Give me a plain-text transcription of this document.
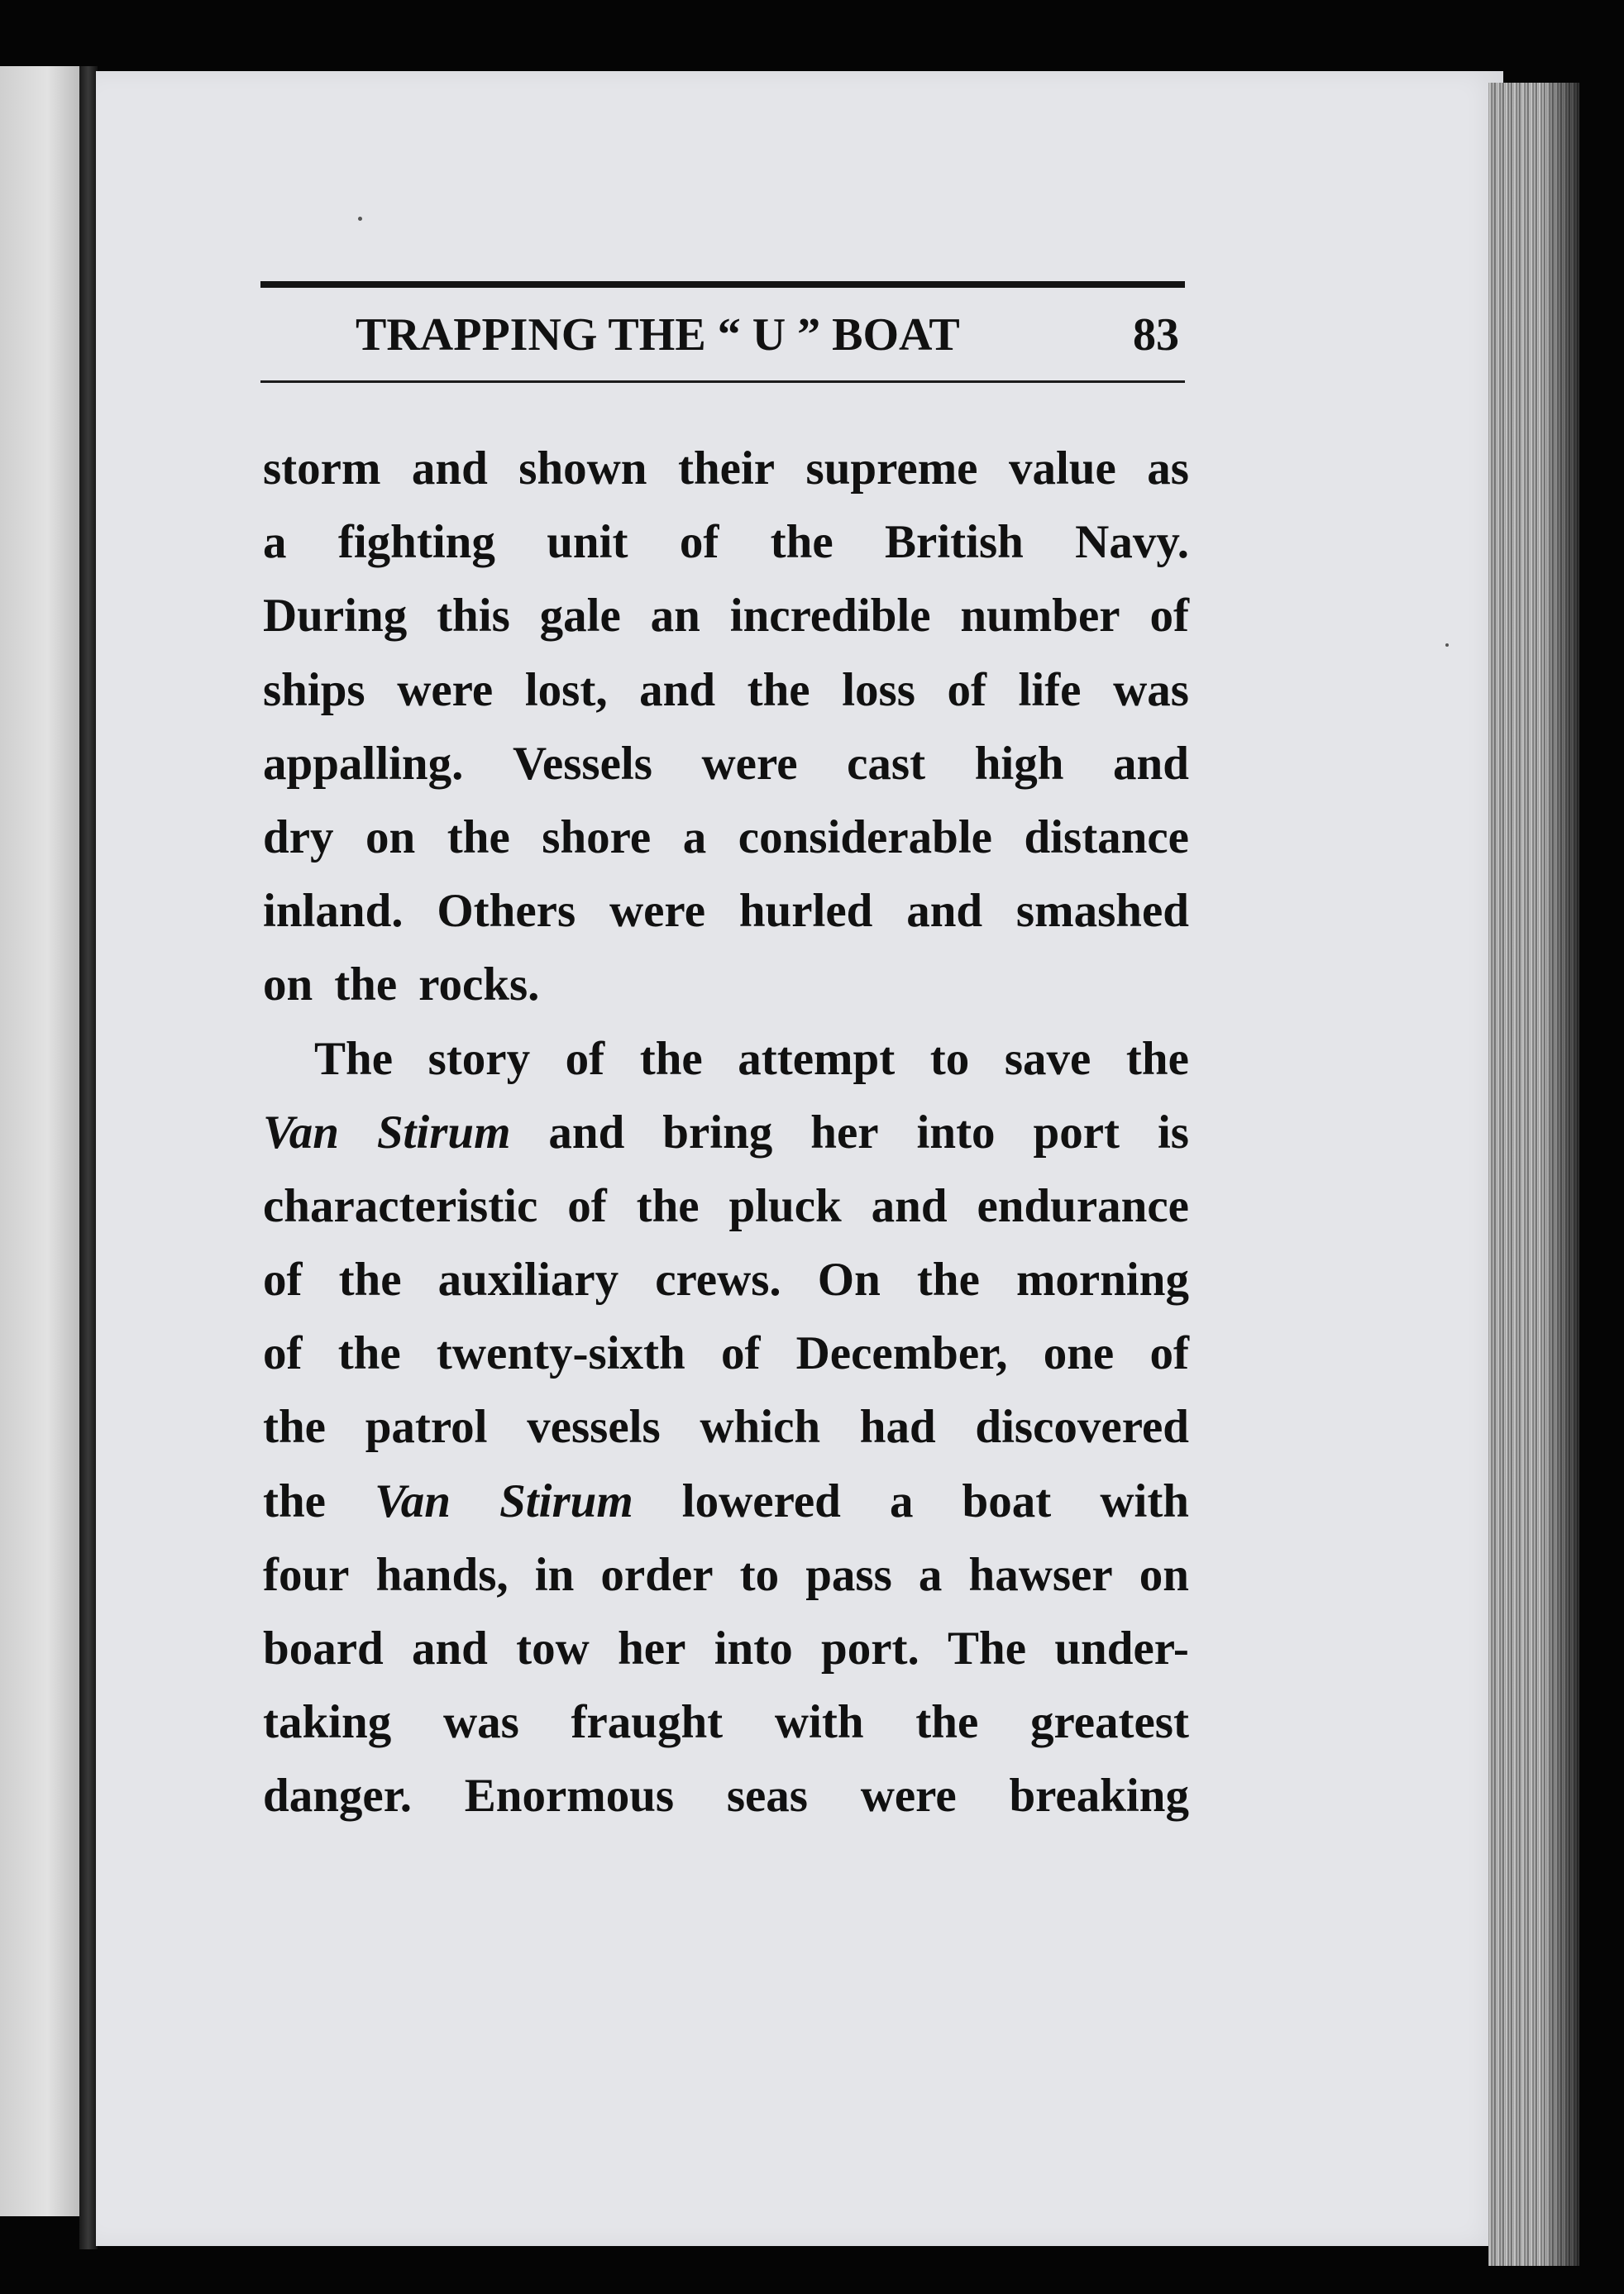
TRAPPING THE “ U ” BOAT	83
storm and shown their supreme value as
a fighting unit of the British Navy.
During this gale an incredible number of
ships were lost, and the loss of life was
appalling. Vessels were cast high and
dry on the shore a considerable distance
inland. Others were hurled and smashed
on the rocks.
The story of the attempt to save the
Van Stirum and bring her into port is
characteristic of the pluck and endurance
of the auxiliary crews. On the morning
of the twenty-sixth of December, one of
the patrol vessels which had discovered
the Van Stirum lowered a boat with
four hands, in order to pass a hawser on
board and tow her into port. The under-
taking was fraught with the greatest
danger. Enormous seas were breaking
